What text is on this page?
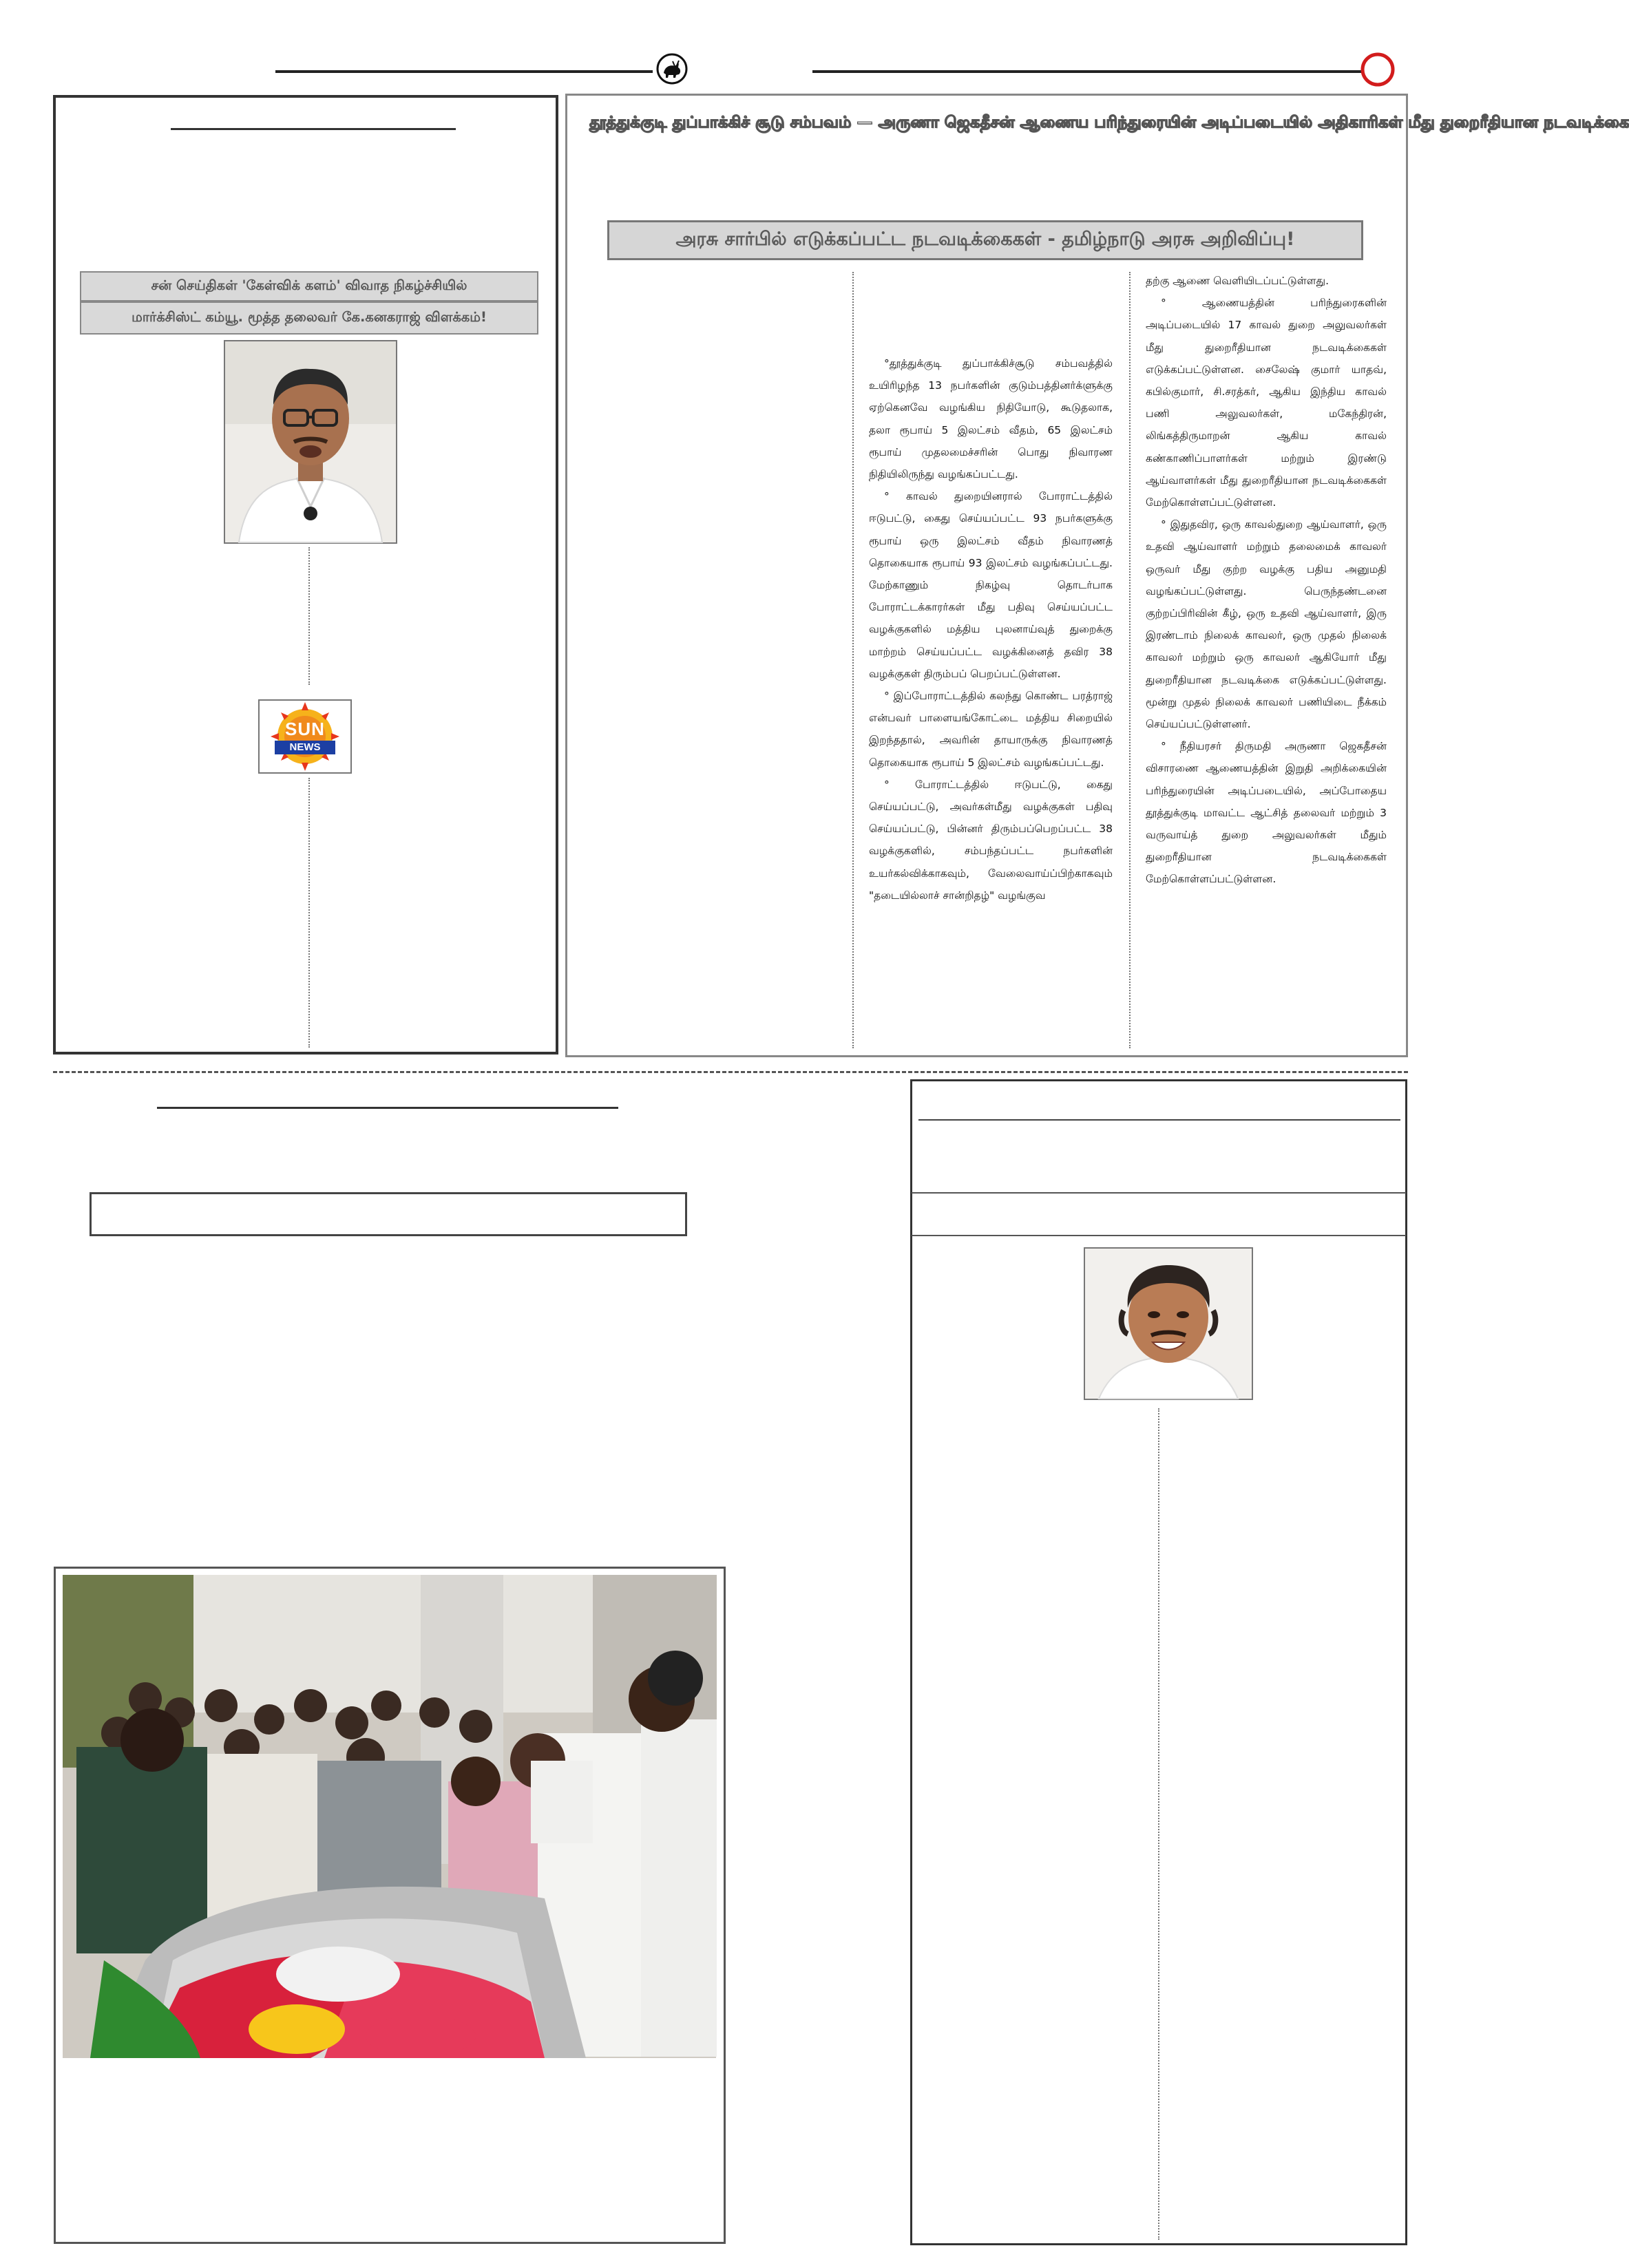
சன் செய்திகள் 'கேள்விக் களம்' விவாத நிகழ்ச்சியில்
மார்க்சிஸ்ட் கம்யூ. மூத்த தலைவர் கே.கனகராஜ் விளக்கம்!
SUN
NEWS
தூத்துக்குடி துப்பாக்கிச் சூடு சம்பவம் — அருணா ஜெகதீசன் ஆணைய பரிந்துரையின் அடிப்படையில் அதிகாரிகள் மீது துறைரீதியான நடவடிக்கை
அரசு சார்பில் எடுக்கப்பட்ட நடவடிக்கைகள் - தமிழ்நாடு அரசு அறிவிப்பு!

°தூத்துக்குடி துப்பாக்கிச்சூடு சம்பவத்தில் உயிரிழந்த 13 நபர்களின் குடும்பத்தினர்க்ளுக்கு ஏற்கெனவே வழங்கிய நிதியோடு, கூடுதலாக, தலா ரூபாய் 5 இலட்சம் வீதம், 65 இலட்சம் ரூபாய் முதலமைச்சரின் பொது நிவாரண நிதியிலிருந்து வழங்கப்பட்டது.

° காவல் துறையினரால் போராட்டத்தில் ஈடுபட்டு, கைது செய்யப்பட்ட 93 நபர்களுக்கு ரூபாய் ஒரு இலட்சம் வீதம் நிவாரணத் தொகையாக ரூபாய் 93 இலட்சம் வழங்கப்பட்டது. மேற்காணும் நிகழ்வு தொடர்பாக போராட்டக்காரர்கள் மீது பதிவு செய்யப்பட்ட வழக்குகளில் மத்திய புலனாய்வுத் துறைக்கு மாற்றம் செய்யப்பட்ட வழக்கினைத் தவிர 38 வழக்குகள் திரும்பப் பெறப்பட்டுள்ளன.

° இப்போராட்டத்தில் கலந்து கொண்ட பரத்ராஜ் என்பவர் பாளையங்கோட்டை மத்திய சிறையில் இறந்ததால், அவரின் தாயாருக்கு நிவாரணத் தொகையாக ரூபாய் 5 இலட்சம் வழங்கப்பட்டது.

° போராட்டத்தில் ஈடுபட்டு, கைது செய்யப்பட்டு, அவர்கள்மீது வழக்குகள் பதிவு செய்யப்பட்டு, பின்னர் திரும்பப்பெறப்பட்ட 38 வழக்குகளில், சம்பந்தப்பட்ட நபர்களின் உயர்கல்விக்காகவும், வேலைவாய்ப்பிற்காகவும் "தடையில்லாச் சான்றிதழ்" வழங்குவ

தற்கு ஆணை வெளியிடப்பட்டுள்ளது.

° ஆணையத்தின் பரிந்துரைகளின் அடிப்படையில் 17 காவல் துறை அலுவலர்கள் மீது துறைரீதியான நடவடிக்கைகள் எடுக்கப்பட்டுள்ளன. சைலேஷ் குமார் யாதவ், கபில்குமார், சி.சரத்கர், ஆகிய இந்திய காவல் பணி அலுவலர்கள், மகேந்திரன், லிங்கத்திருமாறன் ஆகிய காவல் கண்காணிப்பாளர்கள் மற்றும் இரண்டு ஆய்வாளர்கள் மீது துறைரீதியான நடவடிக்கைகள் மேற்கொள்ளப்பட்டுள்ளன.

° இதுதவிர, ஒரு காவல்துறை ஆய்வாளர், ஒரு உதவி ஆய்வாளர் மற்றும் தலைமைக் காவலர் ஒருவர் மீது குற்ற வழக்கு பதிய அனுமதி வழங்கப்பட்டுள்ளது. பெருந்தண்டனை குற்றப்பிரிவின் கீழ், ஒரு உதவி ஆய்வாளர், இரு இரண்டாம் நிலைக் காவலர், ஒரு முதல் நிலைக் காவலர் மற்றும் ஒரு காவலர் ஆகியோர் மீது துறைரீதியான நடவடிக்கை எடுக்கப்பட்டுள்ளது. மூன்று முதல் நிலைக் காவலர் பணியிடை நீக்கம் செய்யப்பட்டுள்ளனர்.

° நீதியரசர் திருமதி அருணா ஜெகதீசன் விசாரணை ஆணையத்தின் இறுதி அறிக்கையின் பரிந்துரையின் அடிப்படையில், அப்போதைய தூத்துக்குடி மாவட்ட ஆட்சித் தலைவர் மற்றும் 3 வருவாய்த் துறை அலுவலர்கள் மீதும் துறைரீதியான நடவடிக்கைகள் மேற்கொள்ளப்பட்டுள்ளன.
